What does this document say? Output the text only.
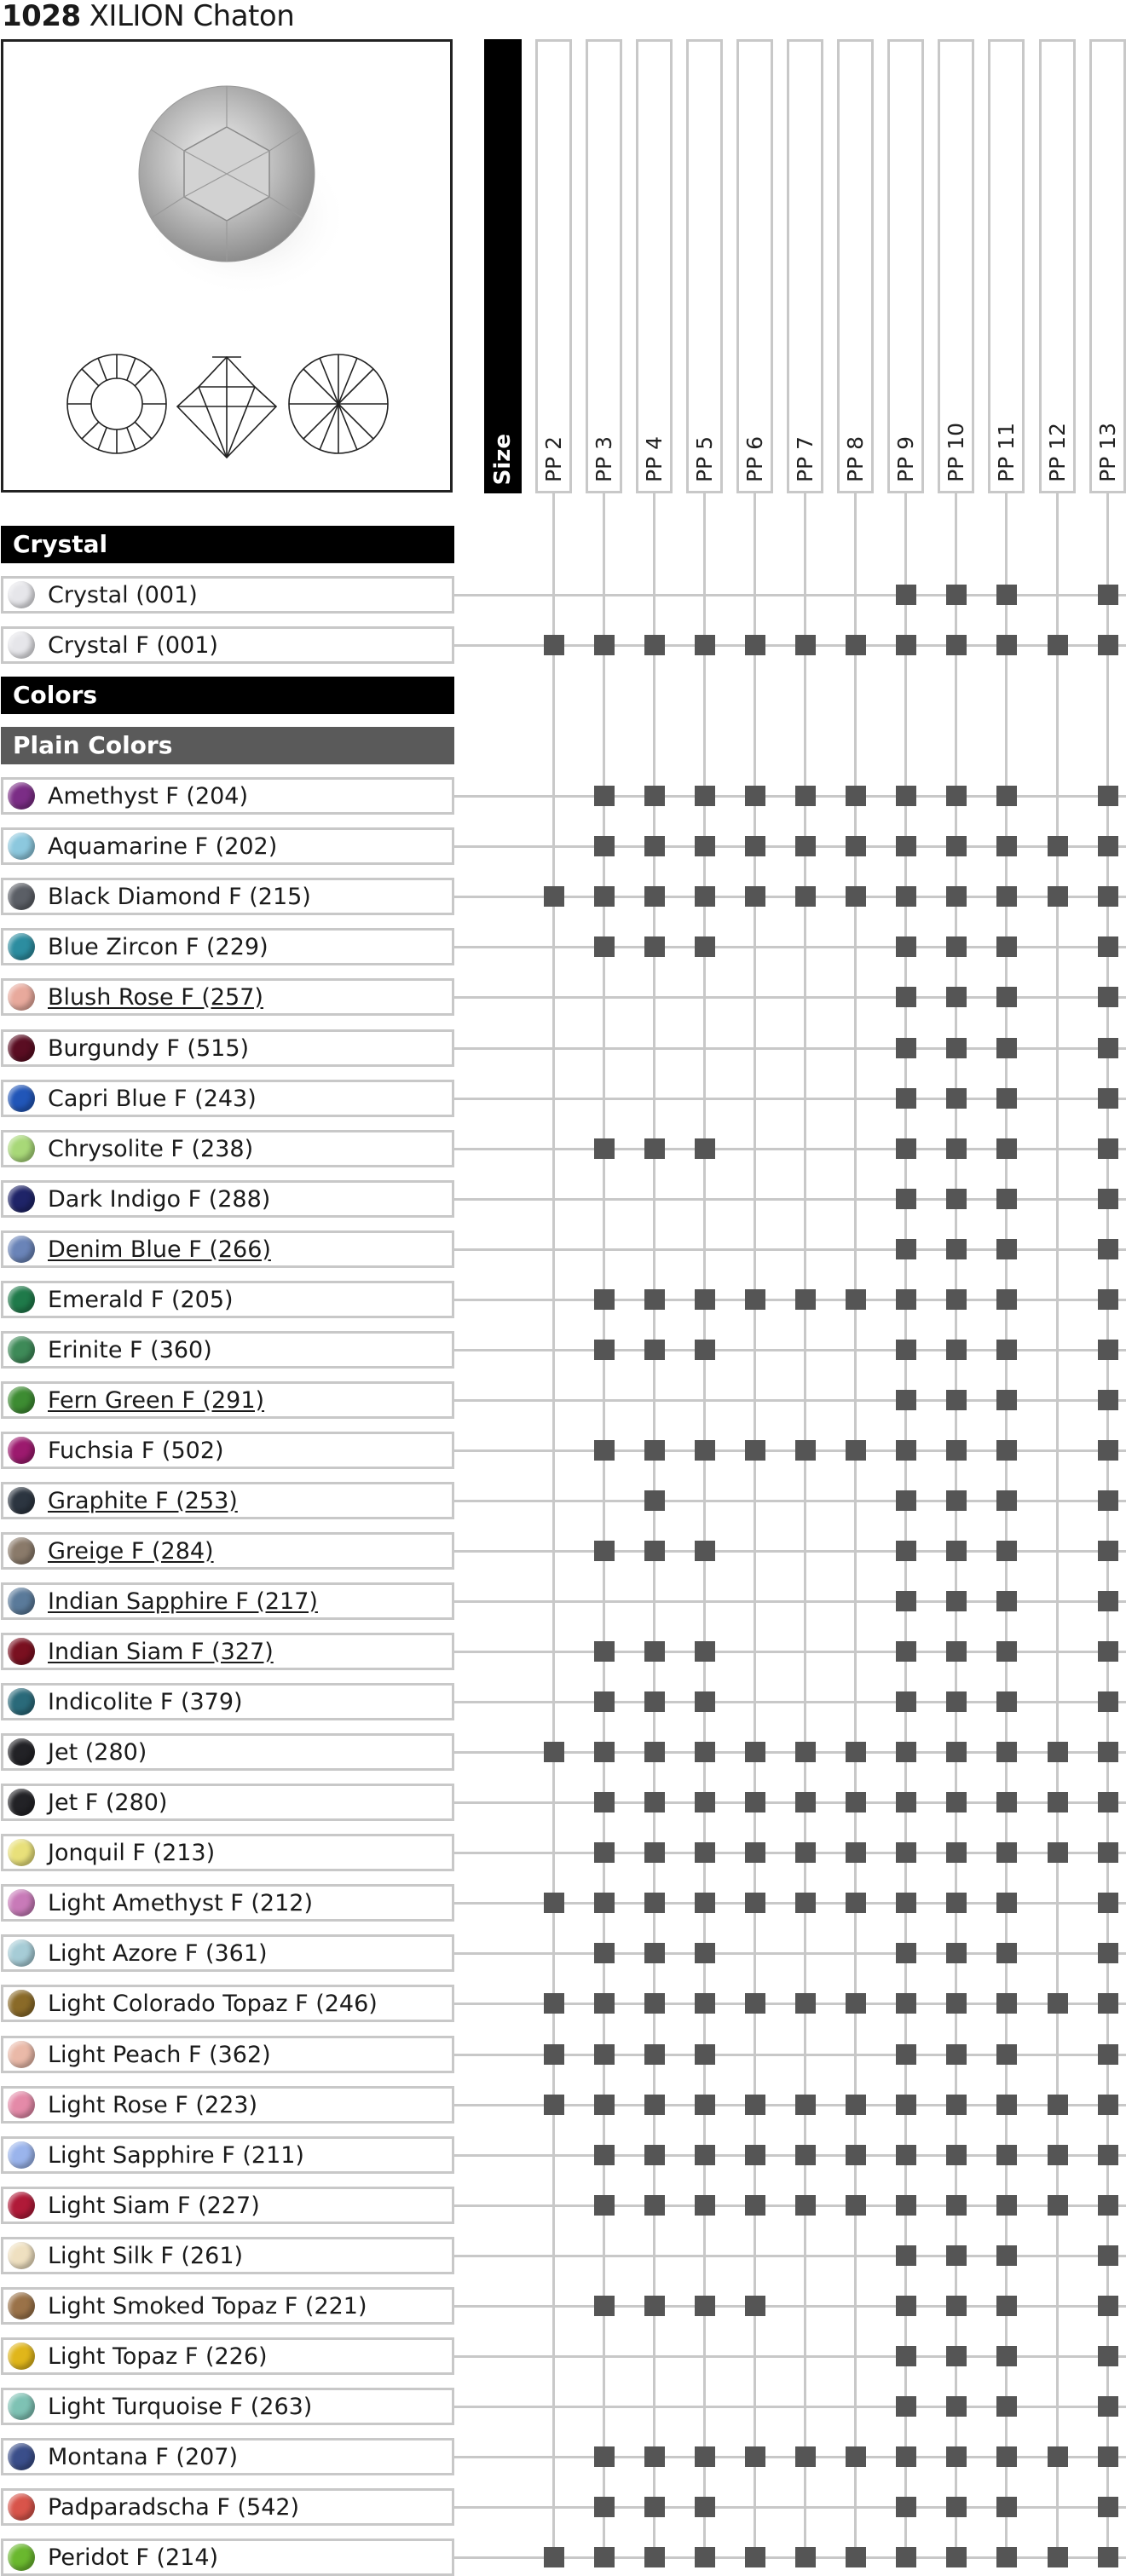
1028 XILION Chaton
Size PP 2 PP 3 PP 4 PP 5 PP 6 PP 7 PP 8 PP 9 PP 10 PP 11 PP 12 PP 13
Crystal
Crystal (001)
Crystal F (001)
Colors
Plain Colors
Amethyst F (204)
Aquamarine F (202)
Black Diamond F (215)
Blue Zircon F (229)
Blush Rose F (257)
Burgundy F (515)
Capri Blue F (243)
Chrysolite F (238)
Dark Indigo F (288)
Denim Blue F (266)
Emerald F (205)
Erinite F (360)
Fern Green F (291)
Fuchsia F (502)
Graphite F (253)
Greige F (284)
Indian Sapphire F (217)
Indian Siam F (327)
Indicolite F (379)
Jet (280)
Jet F (280)
Jonquil F (213)
Light Amethyst F (212)
Light Azore F (361)
Light Colorado Topaz F (246)
Light Peach F (362)
Light Rose F (223)
Light Sapphire F (211)
Light Siam F (227)
Light Silk F (261)
Light Smoked Topaz F (221)
Light Topaz F (226)
Light Turquoise F (263)
Montana F (207)
Padparadscha F (542)
Peridot F (214)
